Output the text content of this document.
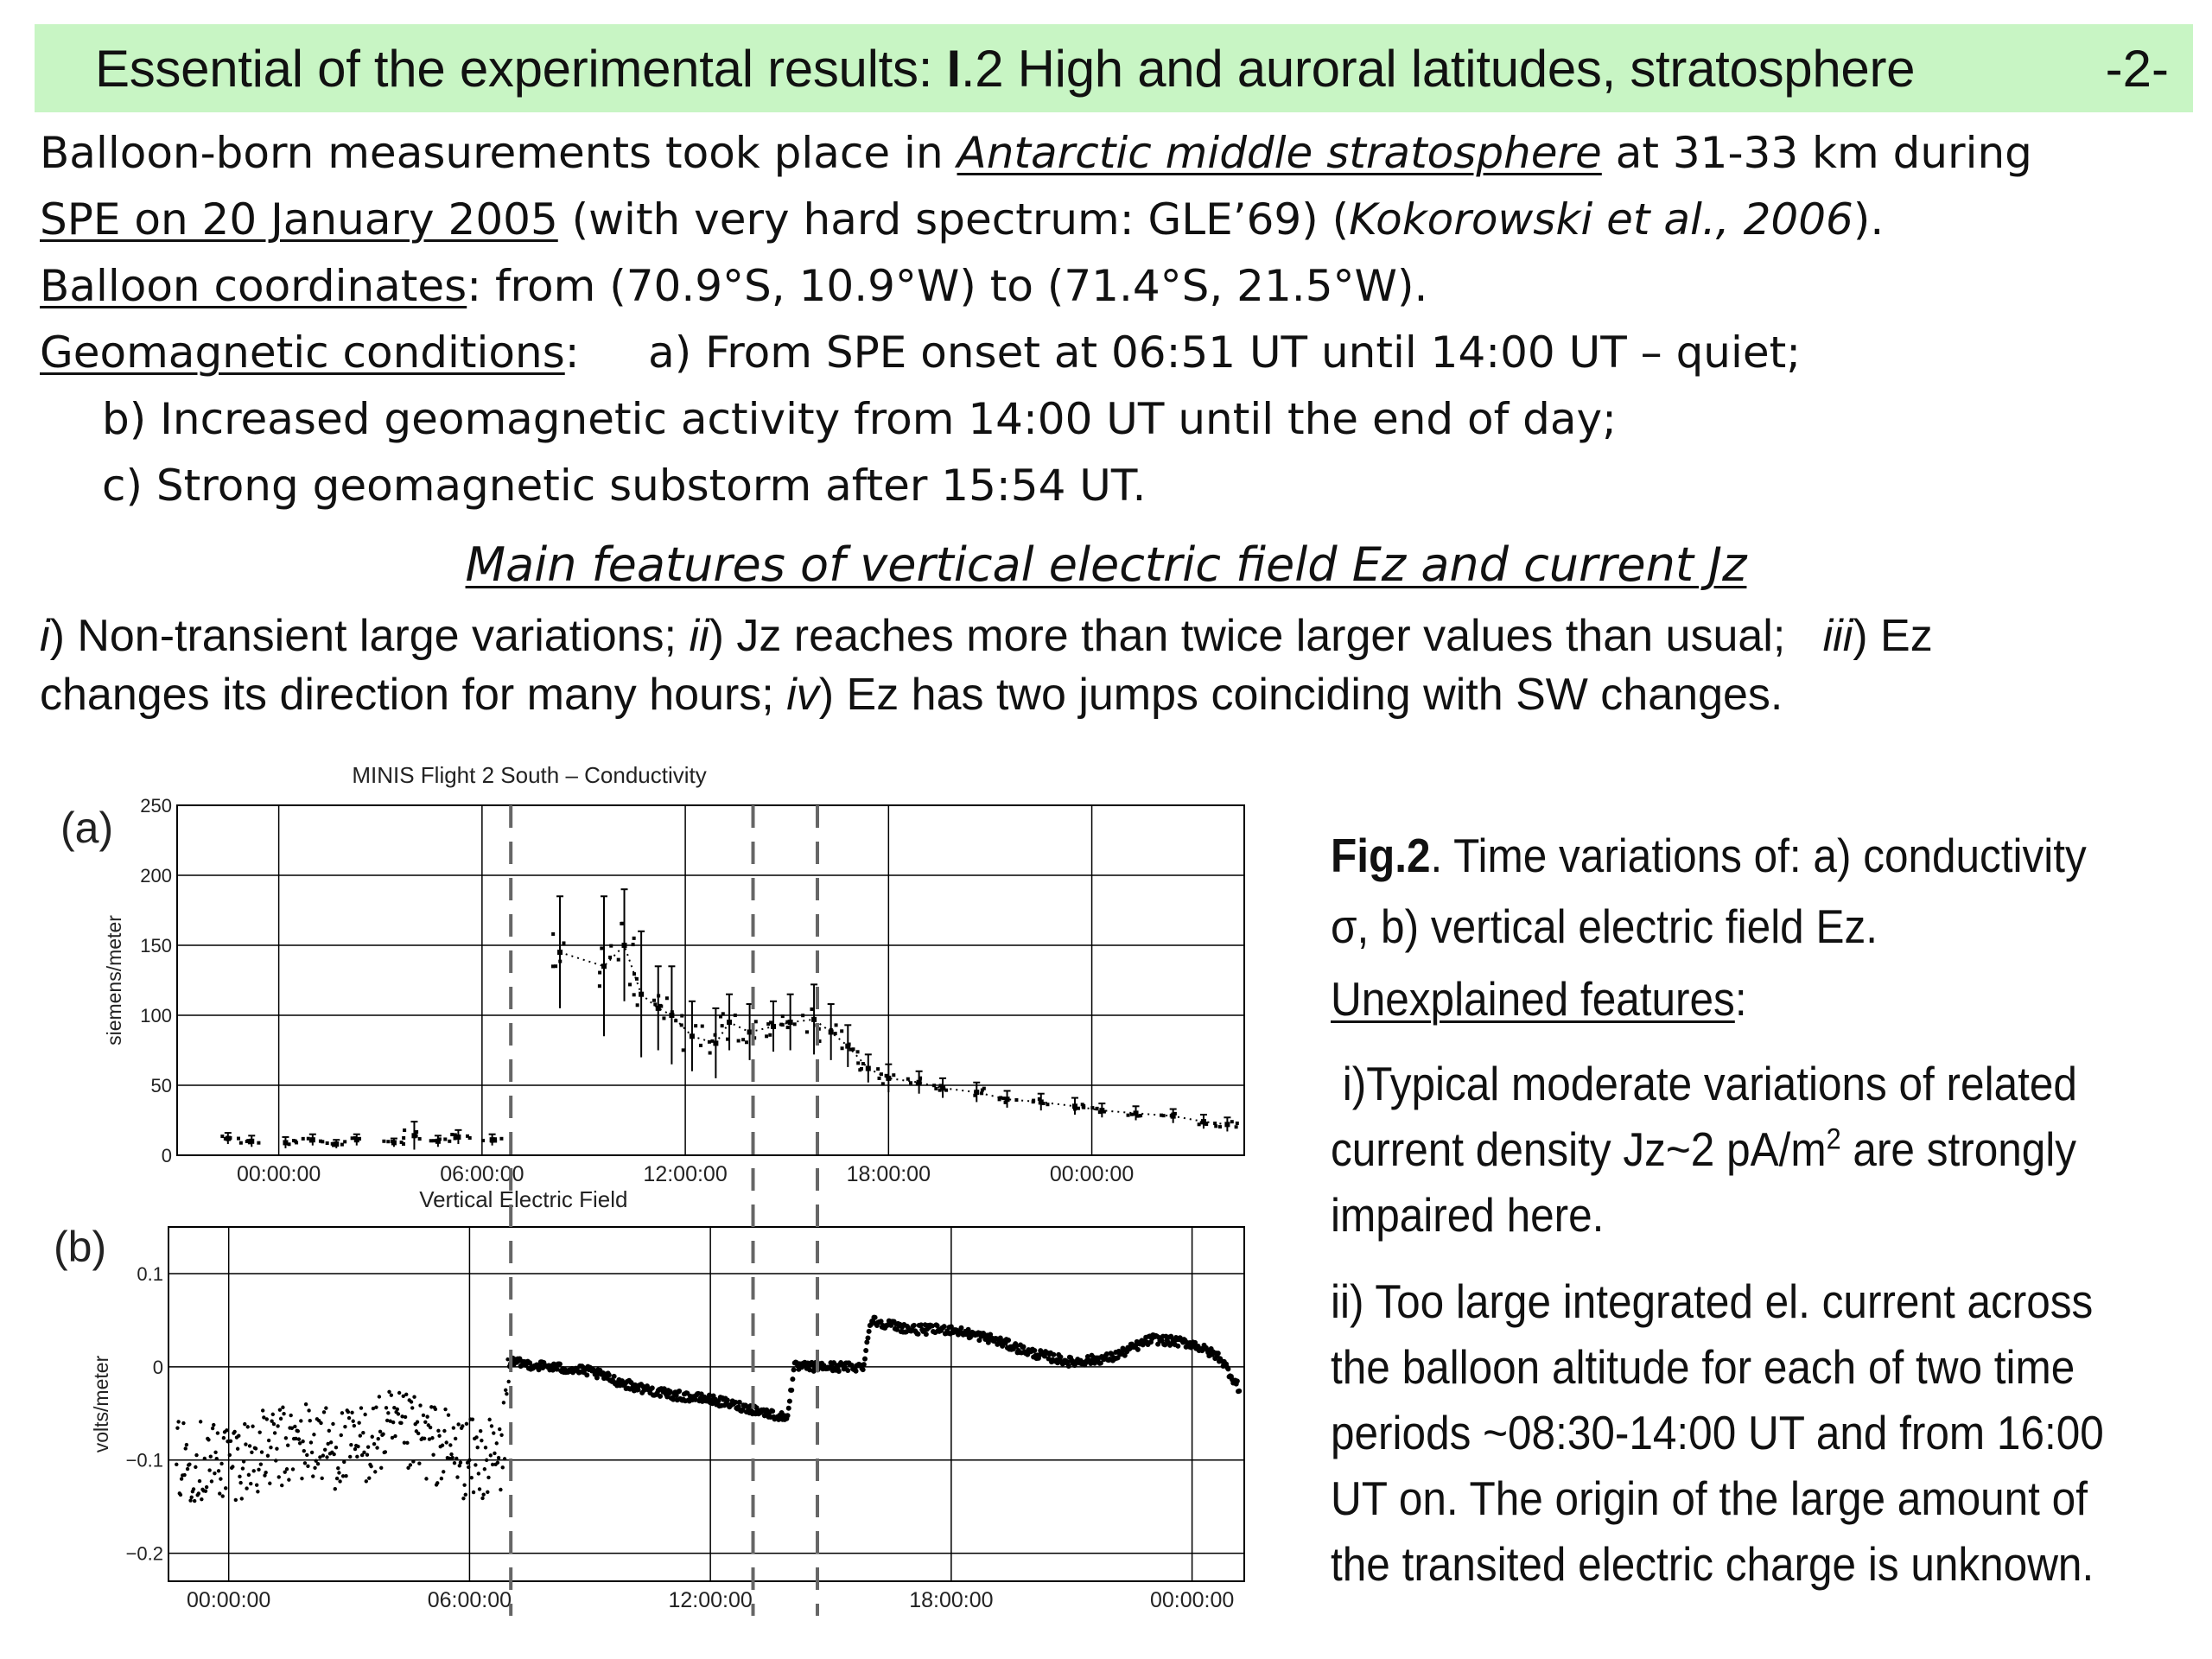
Essential of the experimental results: I.2 High and auroral latitudes, stratosphere	-2-
Balloon-born measurements took place in Antarctic middle stratosphere at 31-33 km during
SPE on 20 January 2005 (with very hard spectrum: GLE’69) (Kokorowski et al., 2006).
Balloon coordinates: from (70.9°S, 10.9°W) to (71.4°S, 21.5°W).
Geomagnetic conditions:     a) From SPE onset at 06:51 UT until 14:00 UT – quiet;
b) Increased geomagnetic activity from 14:00 UT until the end of day;
c) Strong geomagnetic substorm after 15:54 UT.
Main features of vertical electric field Ez and current Jz
i) Non-transient large variations; ii) Jz reaches more than twice larger values than usual;   iii) Ez
changes its direction for many hours; iv) Ez has two jumps coinciding with SW changes.
00:00:00	06:00:00	12:00:00	18:00:00	00:00:00
0
50
100
150
200
250
MINIS Flight 2 South – Conductivity
(a)
siemens/meter
00:00:00	06:00:00	12:00:00	18:00:00	00:00:00
−0.2
−0.1
0
0.1
Vertical Electric Field
(b)
volts/meter
Fig.2. Time variations of: a) conductivity
σ, b) vertical electric field Ez.
Unexplained features:
i)Typical moderate variations of related
current density Jz~2 $pA/m^2$ are strongly
impaired here.
ii) Too large integrated el. current across
the balloon altitude for each of two time
periods ~08:30-14:00 UT and from 16:00
UT on. The origin of the large amount of
the transited electric charge is unknown.
